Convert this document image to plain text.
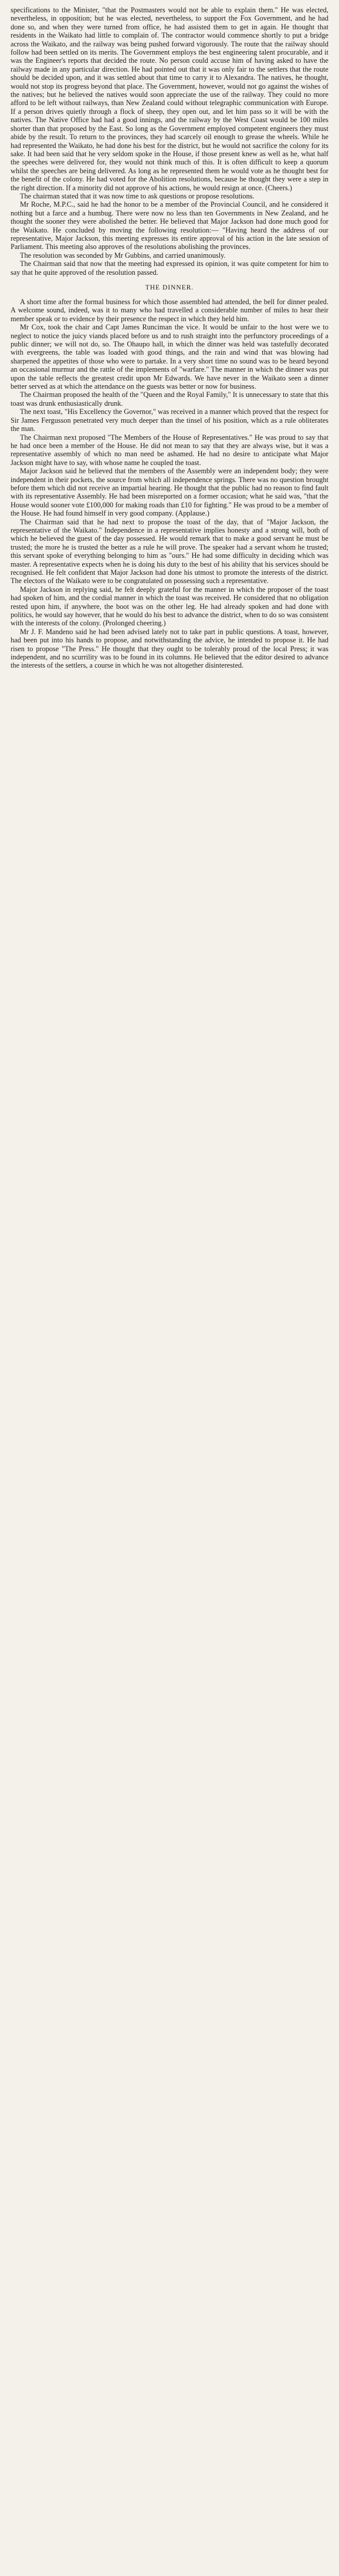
specifications to the Minister, "that the Postmasters would not be able to explain them." He was elected, nevertheless, in opposition; but he was elected, nevertheless, to support the Fox Government, and he had done so, and when they were turned from office, he had assisted them to get in again. He thought that residents in the Waikato had little to complain of. The contractor would commence shortly to put a bridge across the Waikato, and the railway was being pushed forward vigorously. The route that the railway should follow had been settled on its merits. The Government employs the best engineering talent procurable, and it was the Engineer's reports that decided the route. No person could accuse him of having asked to have the railway made in any particular direction. He had pointed out that it was only fair to the settlers that the route should be decided upon, and it was settled about that time to carry it to Alexandra. The natives, he thought, would not stop its progress beyond that place. The Government, however, would not go against the wishes of the natives; but he believed the natives would soon appreciate the use of the railway. They could no more afford to be left without railways, than New Zealand could without telegraphic communication with Europe. If a person drives quietly through a flock of sheep, they open out, and let him pass so it will be with the natives. The Native Office had had a good innings, and the railway by the West Coast would be 100 miles shorter than that proposed by the East. So long as the Government employed competent engineers they must abide by the result. To return to the provinces, they had scarcely oil enough to grease the wheels. While he had represented the Waikato, he had done his best for the district, but he would not sacrifice the colony for its sake. It had been said that he very seldom spoke in the House, if those present knew as well as he, what half the speeches were delivered for, they would not think much of this. It is often difficult to keep a quorum whilst the speeches are being delivered. As long as he represented them he would vote as he thought best for the benefit of the colony. He had voted for the Abolition resolutions, because he thought they were a step in the right direction. If a minority did not approve of his actions, he would resign at once. (Cheers.)

The chairman stated that it was now time to ask questions or propose resolutions.

Mr Roche, M.P.C., said he had the honor to be a member of the Provincial Council, and he considered it nothing but a farce and a humbug. There were now no less than ten Governments in New Zealand, and he thought the sooner they were abolished the better. He believed that Major Jackson had done much good for the Waikato. He concluded by moving the following resolution:— "Having heard the address of our representative, Major Jackson, this meeting expresses its entire approval of his action in the late session of Parliament. This meeting also approves of the resolutions abolishing the provinces.

The resolution was seconded by Mr Gubbins, and carried unanimously.

The Chairman said that now that the meeting had expressed its opinion, it was quite competent for him to say that he quite approved of the resolution passed.

THE DINNER.

A short time after the formal business for which those assembled had attended, the bell for dinner pealed. A welcome sound, indeed, was it to many who had travelled a considerable number of miles to hear their member speak or to evidence by their presence the respect in which they held him.

Mr Cox, took the chair and Capt James Runciman the vice. It would be unfair to the host were we to neglect to notice the juicy viands placed before us and to rush straight into the perfunctory proceedings of a public dinner; we will not do, so. The Ohaupo hall, in which the dinner was held was tastefully decorated with evergreens, the table was loaded with good things, and the rain and wind that was blowing had sharpened the appetites of those who were to partake. In a very short time no sound was to be heard beyond an occasional murmur and the rattle of the implements of "warfare." The manner in which the dinner was put upon the table reflects the greatest credit upon Mr Edwards. We have never in the Waikato seen a dinner better served as at which the attendance on the guests was better or now for business.

The Chairman proposed the health of the "Queen and the Royal Family," It is unnecessary to state that this toast was drunk enthusiastically drunk.

The next toast, "His Excellency the Governor," was received in a manner which proved that the respect for Sir James Fergusson penetrated very much deeper than the tinsel of his position, which as a rule obliterates the man.

The Chairman next proposed "The Members of the House of Representatives." He was proud to say that he had once been a member of the House. He did not mean to say that they are always wise, but it was a representative assembly of which no man need be ashamed. He had no desire to anticipate what Major Jackson might have to say, with whose name he coupled the toast.

Major Jackson said he believed that the members of the Assembly were an independent body; they were independent in their pockets, the source from which all independence springs. There was no question brought before them which did not receive an impartial hearing. He thought that the public had no reason to find fault with its representative Assembly. He had been misreported on a former occasion; what he said was, "that the House would sooner vote £100,000 for making roads than £10 for fighting." He was proud to be a member of the House. He had found himself in very good company. (Applause.)

The Chairman said that he had next to propose the toast of the day, that of "Major Jackson, the representative of the Waikato." Independence in a representative implies honesty and a strong will, both of which he believed the guest of the day possessed. He would remark that to make a good servant he must be trusted; the more he is trusted the better as a rule he will prove. The speaker had a servant whom he trusted; this servant spoke of everything belonging to him as "ours." He had some difficulty in deciding which was master. A representative expects when he is doing his duty to the best of his ability that his services should be recognised. He felt confident that Major Jackson had done his utmost to promote the interests of the district. The electors of the Waikato were to be congratulated on possessing such a representative.

Major Jackson in replying said, he felt deeply grateful for the manner in which the proposer of the toast had spoken of him, and the cordial manner in which the toast was received. He considered that no obligation rested upon him, if anywhere, the boot was on the other leg. He had already spoken and had done with politics, he would say however, that he would do his best to advance the district, when to do so was consistent with the interests of the colony. (Prolonged cheering.)

Mr J. F. Mandeno said he had been advised lately not to take part in public questions. A toast, however, had been put into his hands to propose, and notwithstanding the advice, he intended to propose it. He had risen to propose "The Press." He thought that they ought to be tolerably proud of the local Press; it was independent, and no scurrility was to be found in its columns. He believed that the editor desired to advance the interests of the settlers, a course in which he was not altogether disinterested.
